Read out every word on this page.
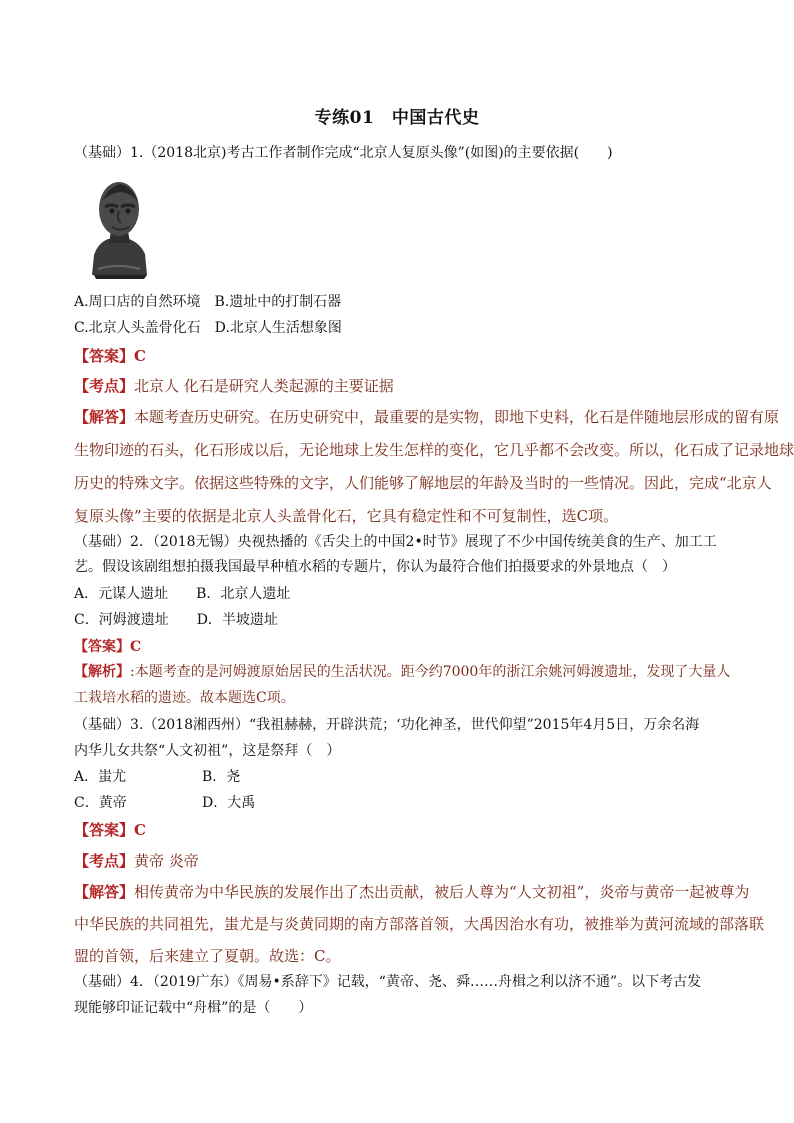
专练01　中国古代史
（基础）1.（2018北京)考古工作者制作完成“北京人复原头像”(如图)的主要依据(　　)
A.周口店的自然环境　B.遗址中的打制石器
C.北京人头盖骨化石　D.北京人生活想象图
【答案】C
【考点】北京人 化石是研究人类起源的主要证据
【解答】本题考查历史研究。在历史研究中，最重要的是实物，即地下史料，化石是伴随地层形成的留有原
生物印迹的石头，化石形成以后，无论地球上发生怎样的变化，它几乎都不会改变。所以，化石成了记录地球
历史的特殊文字。依据这些特殊的文字，人们能够了解地层的年龄及当时的一些情况。因此，完成“北京人
复原头像”主要的依据是北京人头盖骨化石，它具有稳定性和不可复制性，选C项。
（基础）2．（2018无锡）央视热播的《舌尖上的中国2•时节》展现了不少中国传统美食的生产、加工工
艺。假设该剧组想拍摄我国最早种植水稻的专题片，你认为最符合他们拍摄要求的外景地点（　）
A．元谋人遗址　　B．北京人遗址
C．河姆渡遗址　　D．半坡遗址
【答案】C
【解析】:本题考查的是河姆渡原始居民的生活状况。距今约7000年的浙江余姚河姆渡遗址，发现了大量人
工栽培水稻的遗迹。故本题选C项。
（基础）3.（2018湘西州）“我祖赫赫，开辟洪荒；‘功化神圣，世代仰望”2015年4月5日，万余名海
内华儿女共祭“人文初祖”，这是祭拜（　）
A．蚩尤	B．尧
C．黄帝	D．大禹
【答案】C
【考点】黄帝 炎帝
【解答】相传黄帝为中华民族的发展作出了杰出贡献，被后人尊为“人文初祖”，炎帝与黄帝一起被尊为
中华民族的共同祖先，蚩尤是与炎黄同期的南方部落首领，大禹因治水有功，被推举为黄河流域的部落联
盟的首领，后来建立了夏朝。故选：C。
（基础）4．（2019广东）《周易•系辞下》记载，“黄帝、尧、舜……舟楫之利以济不通”。以下考古发
现能够印证记载中“舟楫”的是（　　）
